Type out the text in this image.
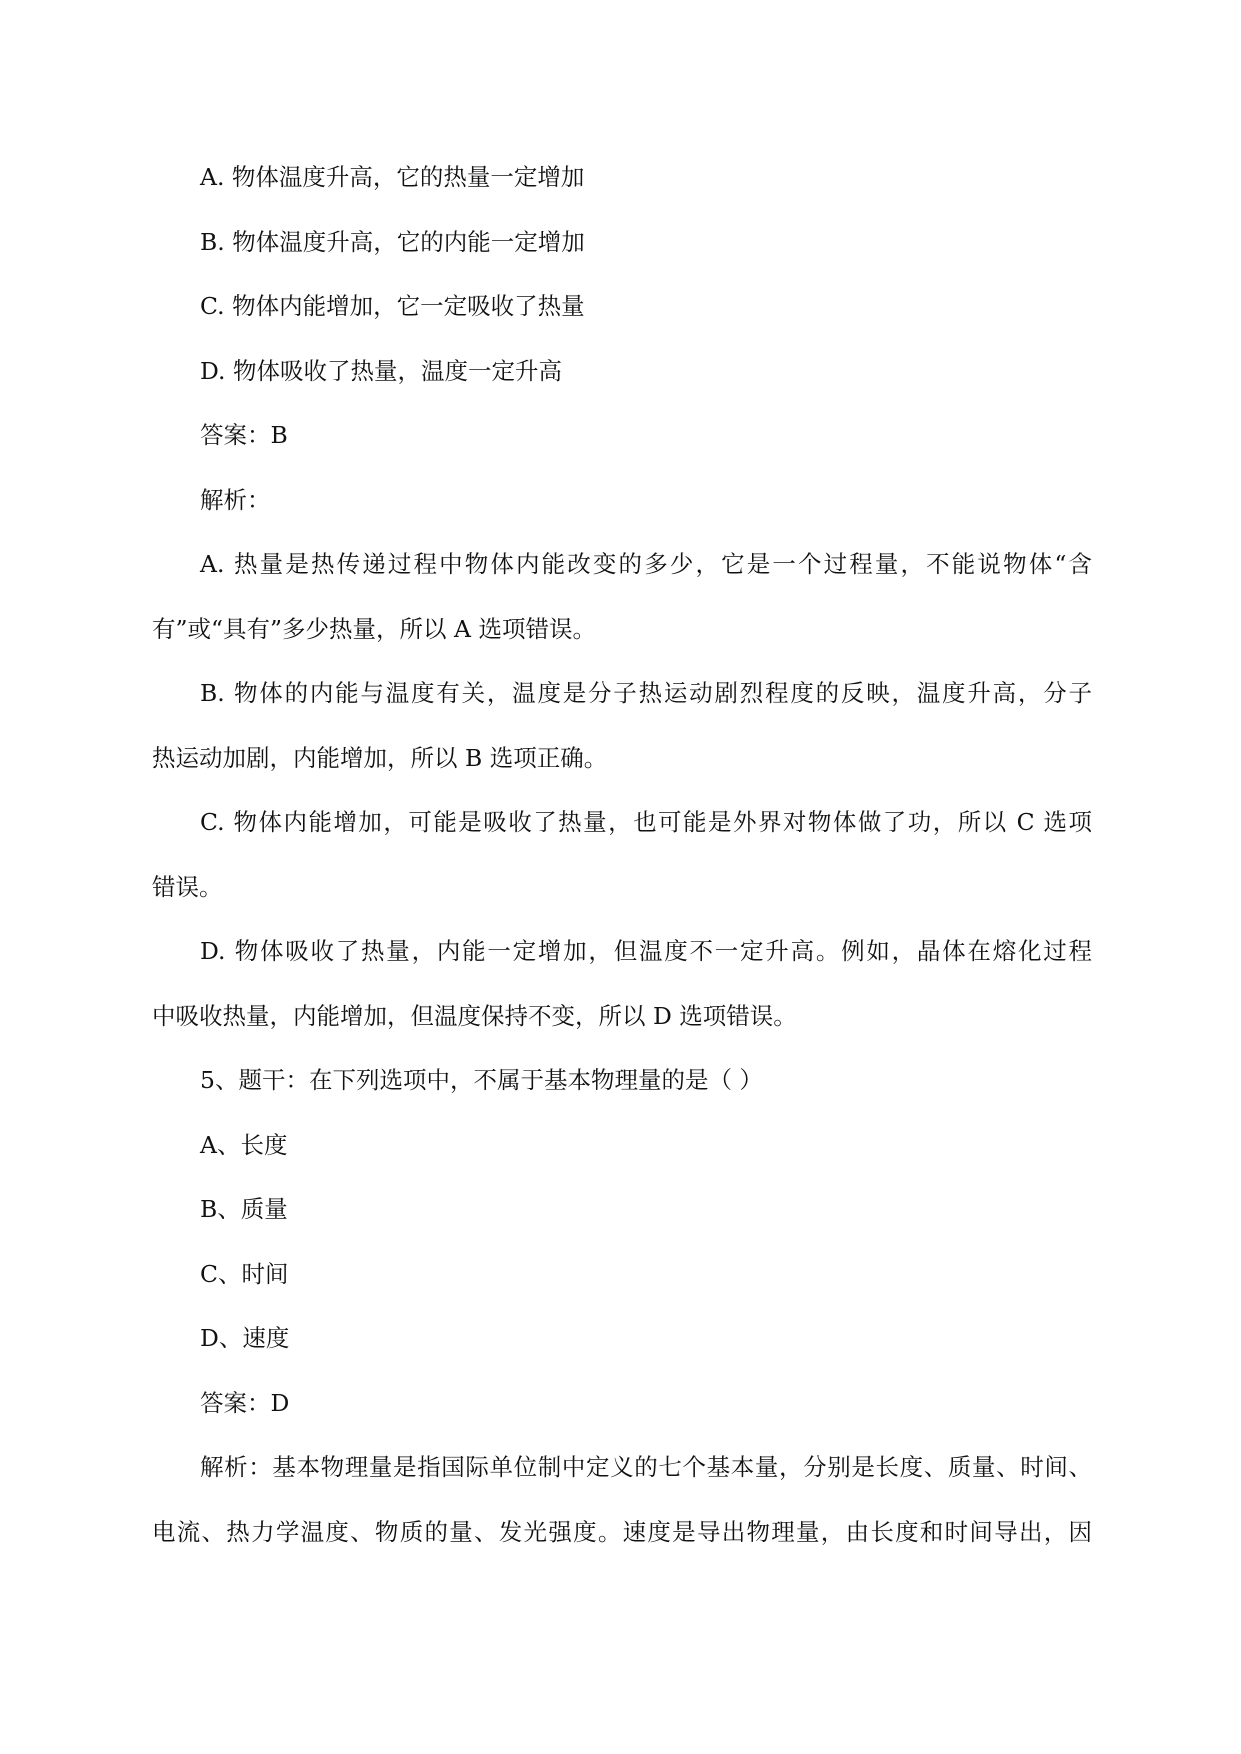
A. 物体温度升高，它的热量一定增加

B. 物体温度升高，它的内能一定增加

C. 物体内能增加，它一定吸收了热量

D. 物体吸收了热量，温度一定升高

答案：B

解析：

A. 热量是热传递过程中物体内能改变的多少，它是一个过程量，不能说物体“含

有”或“具有”多少热量，所以 A 选项错误。

B. 物体的内能与温度有关，温度是分子热运动剧烈程度的反映，温度升高，分子

热运动加剧，内能增加，所以 B 选项正确。

C. 物体内能增加，可能是吸收了热量，也可能是外界对物体做了功，所以 C 选项

错误。

D. 物体吸收了热量，内能一定增加，但温度不一定升高。例如，晶体在熔化过程

中吸收热量，内能增加，但温度保持不变，所以 D 选项错误。

5、题干：在下列选项中，不属于基本物理量的是（ ）

A、长度

B、质量

C、时间

D、速度

答案：D

解析：基本物理量是指国际单位制中定义的七个基本量，分别是长度、质量、时间、

电流、热力学温度、物质的量、发光强度。速度是导出物理量，由长度和时间导出，因
